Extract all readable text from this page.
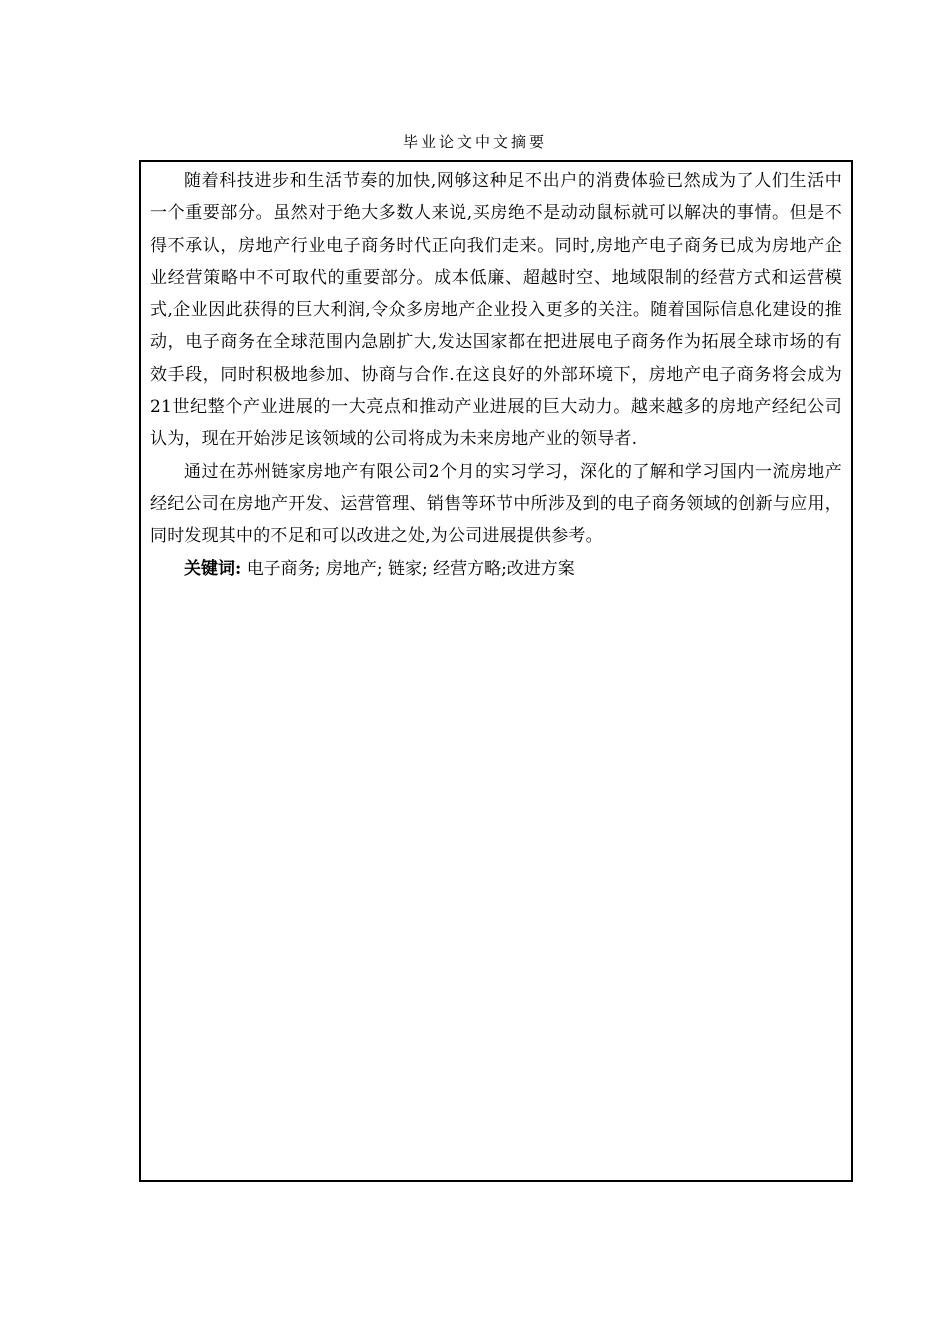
毕业论文中文摘要

随着科技进步和生活节奏的加快,网够这种足不出户的消费体验已然成为了人们生活中一个重要部分。虽然对于绝大多数人来说,买房绝不是动动鼠标就可以解决的事情。但是不得不承认，房地产行业电子商务时代正向我们走来。同时,房地产电子商务已成为房地产企业经营策略中不可取代的重要部分。成本低廉、超越时空、地域限制的经营方式和运营模式,企业因此获得的巨大利润,令众多房地产企业投入更多的关注。随着国际信息化建设的推动，电子商务在全球范围内急剧扩大,发达国家都在把进展电子商务作为拓展全球市场的有效手段，同时积极地参加、协商与合作.在这良好的外部环境下，房地产电子商务将会成为21世纪整个产业进展的一大亮点和推动产业进展的巨大动力。越来越多的房地产经纪公司认为，现在开始涉足该领域的公司将成为未来房地产业的领导者.

通过在苏州链家房地产有限公司2个月的实习学习，深化的了解和学习国内一流房地产经纪公司在房地产开发、运营管理、销售等环节中所涉及到的电子商务领域的创新与应用，同时发现其中的不足和可以改进之处,为公司进展提供参考。

关键词: 电子商务; 房地产; 链家; 经营方略;改进方案
